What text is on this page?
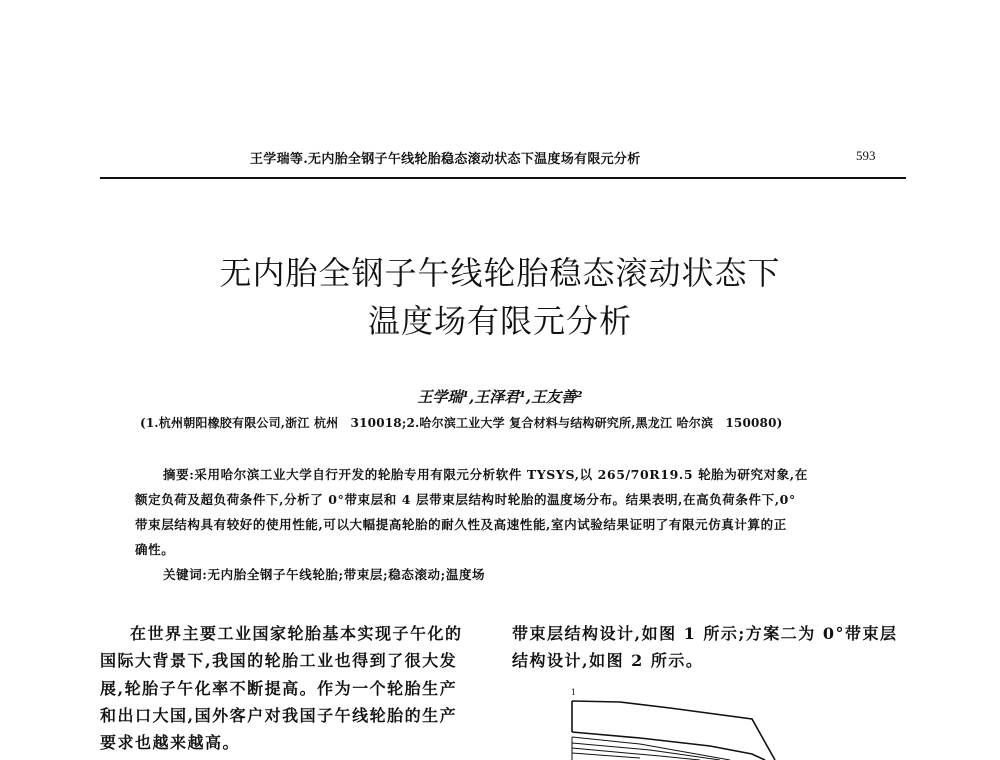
王学瑞等.无内胎全钢子午线轮胎稳态滚动状态下温度场有限元分析	593
无内胎全钢子午线轮胎稳态滚动状态下
温度场有限元分析
王学瑞¹,王泽君¹,王友善²
(1.杭州朝阳橡胶有限公司,浙江 杭州　310018;2.哈尔滨工业大学 复合材料与结构研究所,黑龙江 哈尔滨　150080)
摘要:采用哈尔滨工业大学自行开发的轮胎专用有限元分析软件 TYSYS,以 265/70R19.5 轮胎为研究对象,在
额定负荷及超负荷条件下,分析了 0°带束层和 4 层带束层结构时轮胎的温度场分布。结果表明,在高负荷条件下,0°
带束层结构具有较好的使用性能,可以大幅提高轮胎的耐久性及高速性能,室内试验结果证明了有限元仿真计算的正
确性。
关键词:无内胎全钢子午线轮胎;带束层;稳态滚动;温度场
在世界主要工业国家轮胎基本实现子午化的
国际大背景下,我国的轮胎工业也得到了很大发
展,轮胎子午化率不断提高。作为一个轮胎生产
和出口大国,国外客户对我国子午线轮胎的生产
要求也越来越高。
带束层结构设计,如图 1 所示;方案二为 0°带束层
结构设计,如图 2 所示。
1
